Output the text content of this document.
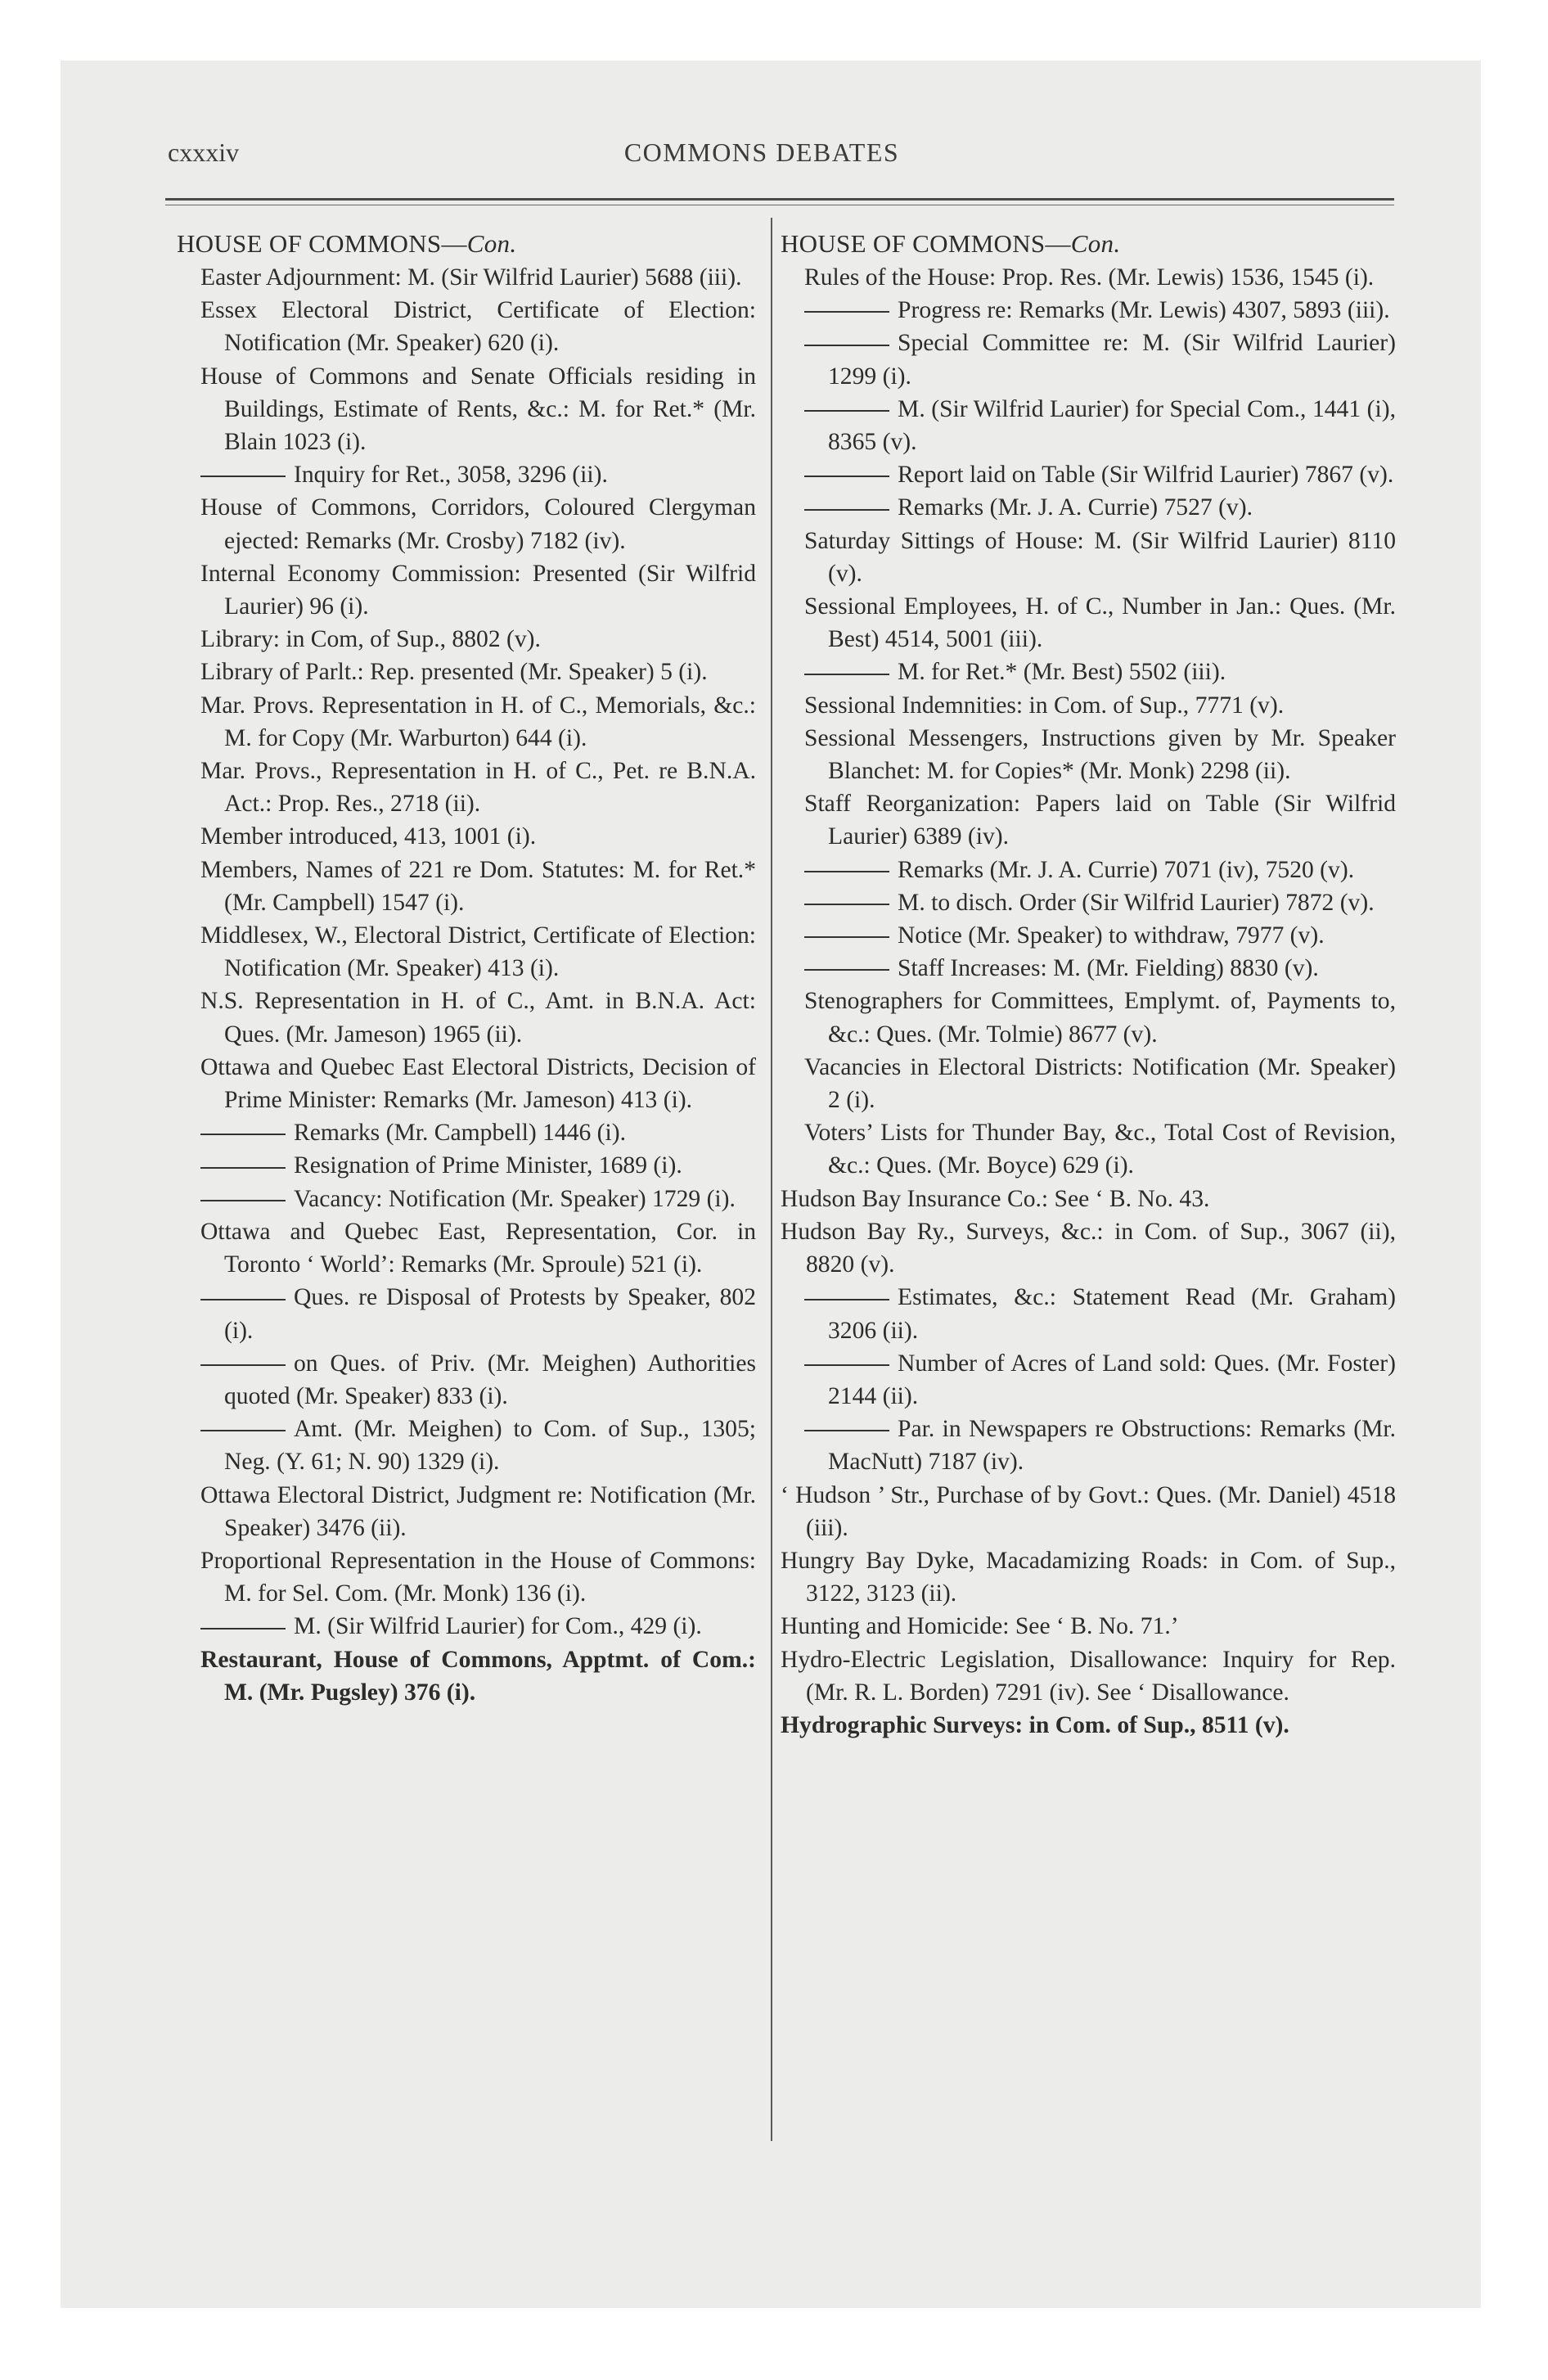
cxxxiv	COMMONS DEBATES
HOUSE OF COMMONS—Con.

Easter Adjournment: M. (Sir Wilfrid Laurier) 5688 (iii).

Essex Electoral District, Certificate of Election: Notification (Mr. Speaker) 620 (i).

House of Commons and Senate Officials residing in Buildings, Estimate of Rents, &c.: M. for Ret.* (Mr. Blain 1023 (i).

Inquiry for Ret., 3058, 3296 (ii).

House of Commons, Corridors, Coloured Clergyman ejected: Remarks (Mr. Crosby) 7182 (iv).

Internal Economy Commission: Presented (Sir Wilfrid Laurier) 96 (i).

Library: in Com, of Sup., 8802 (v).

Library of Parlt.: Rep. presented (Mr. Speaker) 5 (i).

Mar. Provs. Representation in H. of C., Memorials, &c.: M. for Copy (Mr. Warburton) 644 (i).

Mar. Provs., Representation in H. of C., Pet. re B.N.A. Act.: Prop. Res., 2718 (ii).

Member introduced, 413, 1001 (i).

Members, Names of 221 re Dom. Statutes: M. for Ret.* (Mr. Campbell) 1547 (i).

Middlesex, W., Electoral District, Certificate of Election: Notification (Mr. Speaker) 413 (i).

N.S. Representation in H. of C., Amt. in B.N.A. Act: Ques. (Mr. Jameson) 1965 (ii).

Ottawa and Quebec East Electoral Districts, Decision of Prime Minister: Remarks (Mr. Jameson) 413 (i).

Remarks (Mr. Campbell) 1446 (i).

Resignation of Prime Minister, 1689 (i).

Vacancy: Notification (Mr. Speaker) 1729 (i).

Ottawa and Quebec East, Representation, Cor. in Toronto ‘ World’: Remarks (Mr. Sproule) 521 (i).

Ques. re Disposal of Protests by Speaker, 802 (i).

on Ques. of Priv. (Mr. Meighen) Authorities quoted (Mr. Speaker) 833 (i).

Amt. (Mr. Meighen) to Com. of Sup., 1305; Neg. (Y. 61; N. 90) 1329 (i).

Ottawa Electoral District, Judgment re: Notification (Mr. Speaker) 3476 (ii).

Proportional Representation in the House of Commons: M. for Sel. Com. (Mr. Monk) 136 (i).

M. (Sir Wilfrid Laurier) for Com., 429 (i).

Restaurant, House of Commons, Apptmt. of Com.: M. (Mr. Pugsley) 376 (i).

HOUSE OF COMMONS—Con.

Rules of the House: Prop. Res. (Mr. Lewis) 1536, 1545 (i).

Progress re: Remarks (Mr. Lewis) 4307, 5893 (iii).

Special Committee re: M. (Sir Wilfrid Laurier) 1299 (i).

M. (Sir Wilfrid Laurier) for Special Com., 1441 (i), 8365 (v).

Report laid on Table (Sir Wilfrid Laurier) 7867 (v).

Remarks (Mr. J. A. Currie) 7527 (v).

Saturday Sittings of House: M. (Sir Wilfrid Laurier) 8110 (v).

Sessional Employees, H. of C., Number in Jan.: Ques. (Mr. Best) 4514, 5001 (iii).

M. for Ret.* (Mr. Best) 5502 (iii).

Sessional Indemnities: in Com. of Sup., 7771 (v).

Sessional Messengers, Instructions given by Mr. Speaker Blanchet: M. for Copies* (Mr. Monk) 2298 (ii).

Staff Reorganization: Papers laid on Table (Sir Wilfrid Laurier) 6389 (iv).

Remarks (Mr. J. A. Currie) 7071 (iv), 7520 (v).

M. to disch. Order (Sir Wilfrid Laurier) 7872 (v).

Notice (Mr. Speaker) to withdraw, 7977 (v).

Staff Increases: M. (Mr. Fielding) 8830 (v).

Stenographers for Committees, Emplymt. of, Payments to, &c.: Ques. (Mr. Tolmie) 8677 (v).

Vacancies in Electoral Districts: Notification (Mr. Speaker) 2 (i).

Voters’ Lists for Thunder Bay, &c., Total Cost of Revision, &c.: Ques. (Mr. Boyce) 629 (i).

Hudson Bay Insurance Co.: See ‘ B. No. 43.

Hudson Bay Ry., Surveys, &c.: in Com. of Sup., 3067 (ii), 8820 (v).

Estimates, &c.: Statement Read (Mr. Graham) 3206 (ii).

Number of Acres of Land sold: Ques. (Mr. Foster) 2144 (ii).

Par. in Newspapers re Obstructions: Remarks (Mr. MacNutt) 7187 (iv).

‘ Hudson ’ Str., Purchase of by Govt.: Ques. (Mr. Daniel) 4518 (iii).

Hungry Bay Dyke, Macadamizing Roads: in Com. of Sup., 3122, 3123 (ii).

Hunting and Homicide: See ‘ B. No. 71.’

Hydro-Electric Legislation, Disallowance: Inquiry for Rep. (Mr. R. L. Borden) 7291 (iv). See ‘ Disallowance.

Hydrographic Surveys: in Com. of Sup., 8511 (v).
